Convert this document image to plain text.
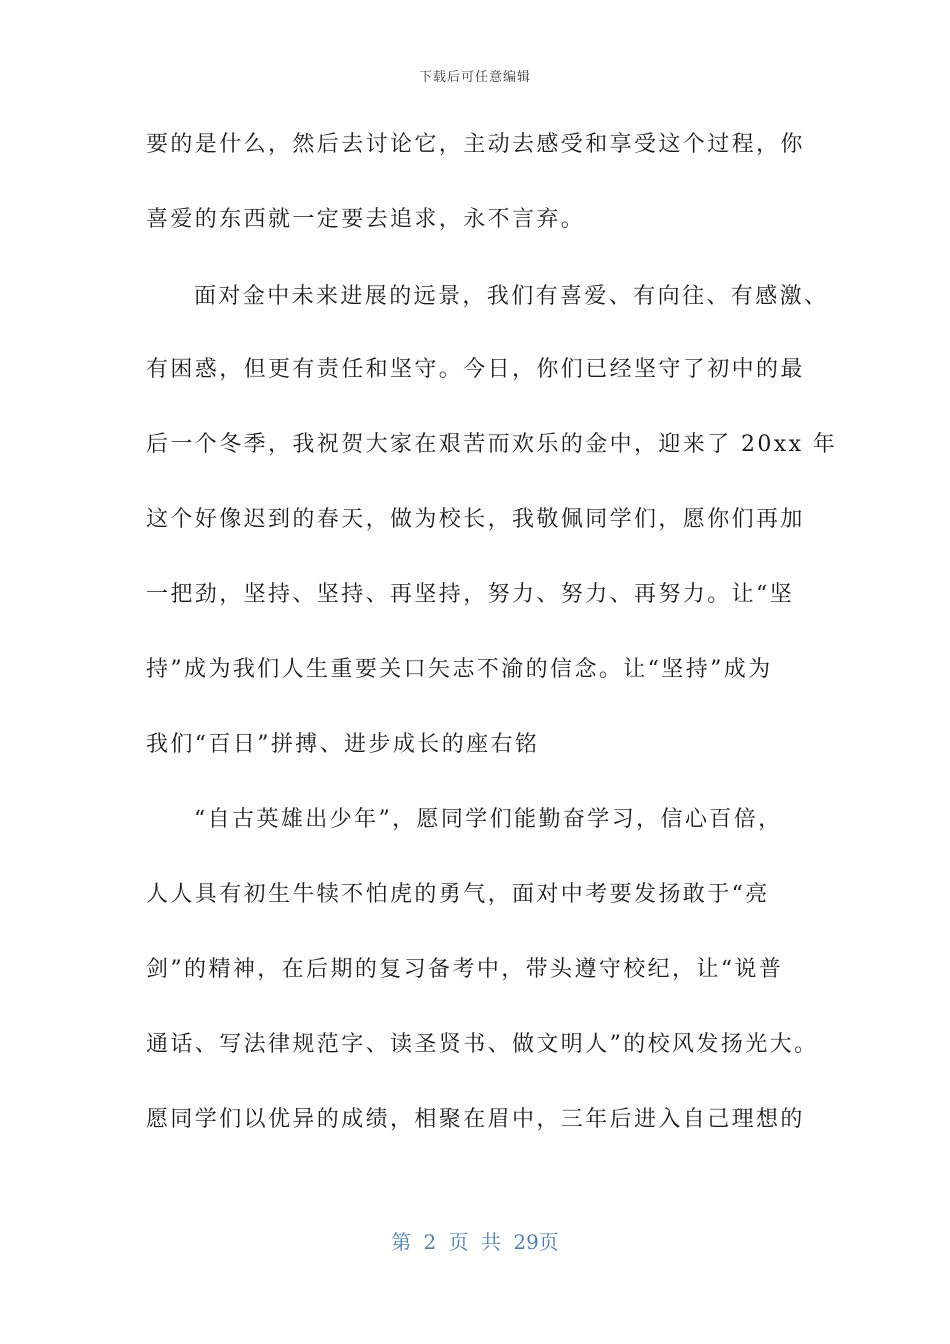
下载后可任意编辑
要的是什么，然后去讨论它，主动去感受和享受这个过程，你
喜爱的东西就一定要去追求，永不言弃。
面对金中未来进展的远景，我们有喜爱、有向往、有感激、
有困惑，但更有责任和坚守。今日，你们已经坚守了初中的最
后一个冬季，我祝贺大家在艰苦而欢乐的金中，迎来了 20xx 年
这个好像迟到的春天，做为校长，我敬佩同学们，愿你们再加
一把劲，坚持、坚持、再坚持，努力、努力、再努力。让“坚
持”成为我们人生重要关口矢志不渝的信念。让“坚持”成为
我们“百日”拼搏、进步成长的座右铭
“自古英雄出少年”，愿同学们能勤奋学习，信心百倍，
人人具有初生牛犊不怕虎的勇气，面对中考要发扬敢于“亮
剑”的精神，在后期的复习备考中，带头遵守校纪，让“说普
通话、写法律规范字、读圣贤书、做文明人”的校风发扬光大。
愿同学们以优异的成绩，相聚在眉中，三年后进入自己理想的
第 2 页 共 29页
